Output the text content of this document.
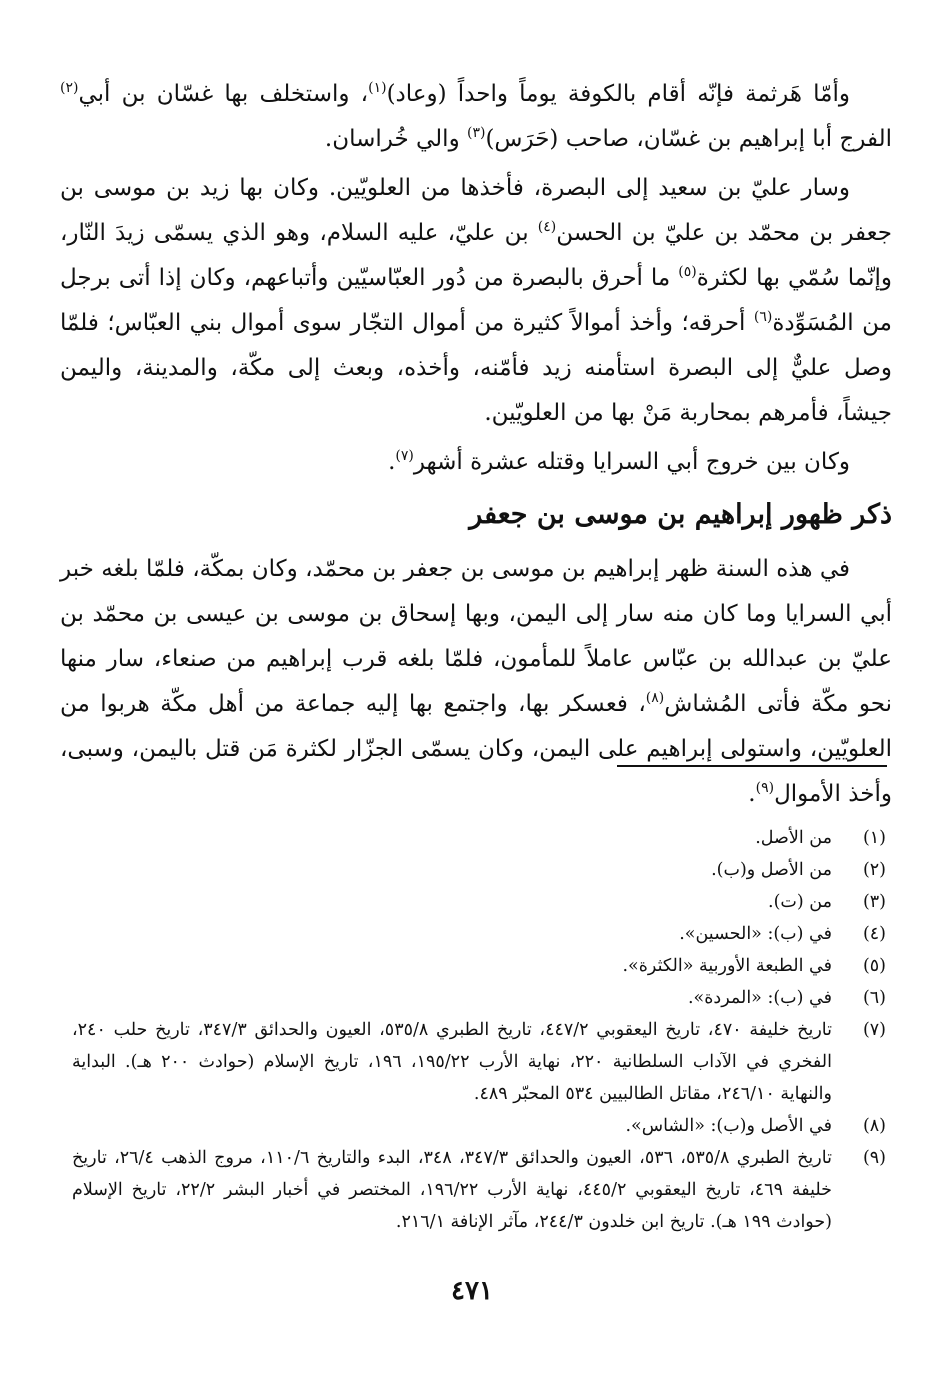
وأمّا هَرثمة فإنّه أقام بالكوفة يوماً واحداً (وعاد)$^{(١)}$، واستخلف بها غسّان بن أبي$^{(٢)}$ الفرج أبا إبراهيم بن غسّان، صاحب (حَرَس)$^{(٣)}$ والي خُراسان.

وسار عليّ بن سعيد إلى البصرة، فأخذها من العلويّين. وكان بها زيد بن موسى بن جعفر بن محمّد بن عليّ بن الحسن$^{(٤)}$ بن عليّ، عليه السلام، وهو الذي يسمّى زيدَ النّار، وإنّما سُمّي بها لكثرة$^{(٥)}$ ما أحرق بالبصرة من دُور العبّاسيّين وأتباعهم، وكان إذا أتى برجل من المُسَوِّدة$^{(٦)}$ أحرقه؛ وأخذ أموالاً كثيرة من أموال التجّار سوى أموال بني العبّاس؛ فلمّا وصل عليٌّ إلى البصرة استأمنه زيد فأمّنه، وأخذه، وبعث إلى مكّة، والمدينة، واليمن جيشاً، فأمرهم بمحاربة مَنْ بها من العلويّين.

وكان بين خروج أبي السرايا وقتله عشرة أشهر$^{(٧)}$.

ذكر ظهور إبراهيم بن موسى بن جعفر

في هذه السنة ظهر إبراهيم بن موسى بن جعفر بن محمّد، وكان بمكّة، فلمّا بلغه خبر أبي السرايا وما كان منه سار إلى اليمن، وبها إسحاق بن موسى بن عيسى بن محمّد بن عليّ بن عبدالله بن عبّاس عاملاً للمأمون، فلمّا بلغه قرب إبراهيم من صنعاء، سار منها نحو مكّة فأتى المُشاش$^{(٨)}$، فعسكر بها، واجتمع بها إليه جماعة من أهل مكّة هربوا من العلويّين، واستولى إبراهيم على اليمن، وكان يسمّى الجزّار لكثرة مَن قتل باليمن، وسبى، وأخذ الأموال$^{(٩)}$.

(١)
من الأصل.
(٢)
من الأصل و(ب).
(٣)
من (ت).
(٤)
في (ب): «الحسين».
(٥)
في الطبعة الأوربية «الكثرة».
(٦)
في (ب): «المردة».
(٧)
تاريخ خليفة ٤٧٠، تاريخ اليعقوبي ٤٤٧/٢، تاريخ الطبري ٥٣٥/٨، العيون والحدائق ٣٤٧/٣، تاريخ حلب ٢٤٠، الفخري في الآداب السلطانية ٢٢٠، نهاية الأرب ١٩٥/٢٢، ١٩٦، تاريخ الإسلام (حوادث ٢٠٠ هـ). البداية والنهاية ٢٤٦/١٠، مقاتل الطالبيين ٥٣٤ المحبّر ٤٨٩.
(٨)
في الأصل و(ب): «الشاس».
(٩)
تاريخ الطبري ٥٣٥/٨، ٥٣٦، العيون والحدائق ٣٤٧/٣، ٣٤٨، البدء والتاريخ ١١٠/٦، مروج الذهب ٢٦/٤، تاريخ خليفة ٤٦٩، تاريخ اليعقوبي ٤٤٥/٢، نهاية الأرب ١٩٦/٢٢، المختصر في أخبار البشر ٢٢/٢، تاريخ الإسلام (حوادث ١٩٩ هـ). تاريخ ابن خلدون ٢٤٤/٣، مآثر الإنافة ٢١٦/١.
٤٧١
